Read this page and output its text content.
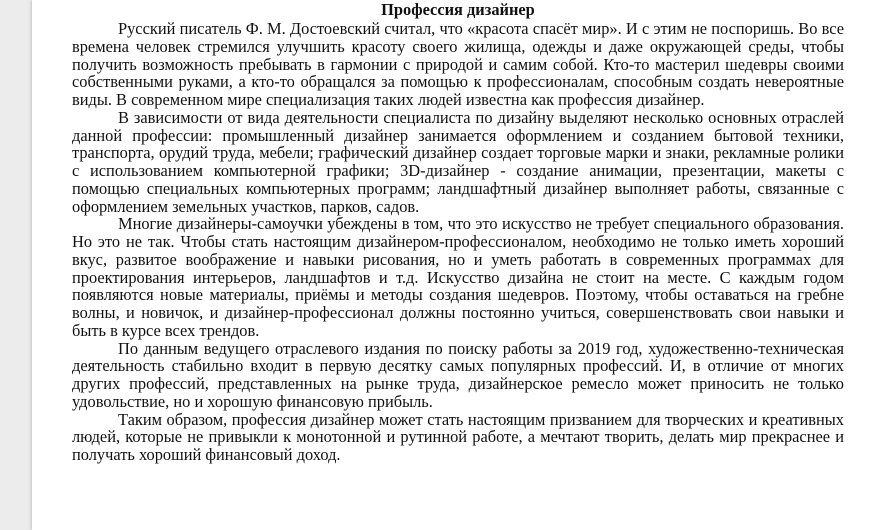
Профессия дизайнер

Русский писатель Ф. М. Достоевский считал, что «красота спасёт мир». И с этим не поспоришь. Во все времена человек стремился улучшить красоту своего жилища, одежды и даже окружающей среды, чтобы получить возможность пребывать в гармонии с природой и самим собой. Кто-то мастерил шедевры своими собственными руками, а кто-то обращался за помощью к профессионалам, способным создать невероятные виды. В современном мире специализация таких людей известна как профессия дизайнер.

В зависимости от вида деятельности специалиста по дизайну выделяют несколько основных отраслей данной профессии: промышленный дизайнер занимается оформлением и созданием бытовой техники, транспорта, орудий труда, мебели; графический дизайнер создает торговые марки и знаки, рекламные ролики с использованием компьютерной графики; 3D-дизайнер - создание анимации, презентации, макеты с помощью специальных компьютерных программ; ландшафтный дизайнер выполняет работы, связанные с оформлением земельных участков, парков, садов.

Многие дизайнеры-самоучки убеждены в том, что это искусство не требует специального образования. Но это не так. Чтобы стать настоящим дизайнером-профессионалом, необходимо не только иметь хороший вкус, развитое воображение и навыки рисования, но и уметь работать в современных программах для проектирования интерьеров, ландшафтов и т.д. Искусство дизайна не стоит на месте. С каждым годом появляются новые материалы, приёмы и методы создания шедевров. Поэтому, чтобы оставаться на гребне волны, и новичок, и дизайнер-профессионал должны постоянно учиться, совершенствовать свои навыки и быть в курсе всех трендов.

По данным ведущего отраслевого издания по поиску работы за 2019 год, художественно-техническая деятельность стабильно входит в первую десятку самых популярных профессий. И, в отличие от многих других профессий, представленных на рынке труда, дизайнерское ремесло может приносить не только удовольствие, но и хорошую финансовую прибыль.

Таким образом, профессия дизайнер может стать настоящим призванием для творческих и креативных людей, которые не привыкли к монотонной и рутинной работе, а мечтают творить, делать мир прекраснее и получать хороший финансовый доход.
